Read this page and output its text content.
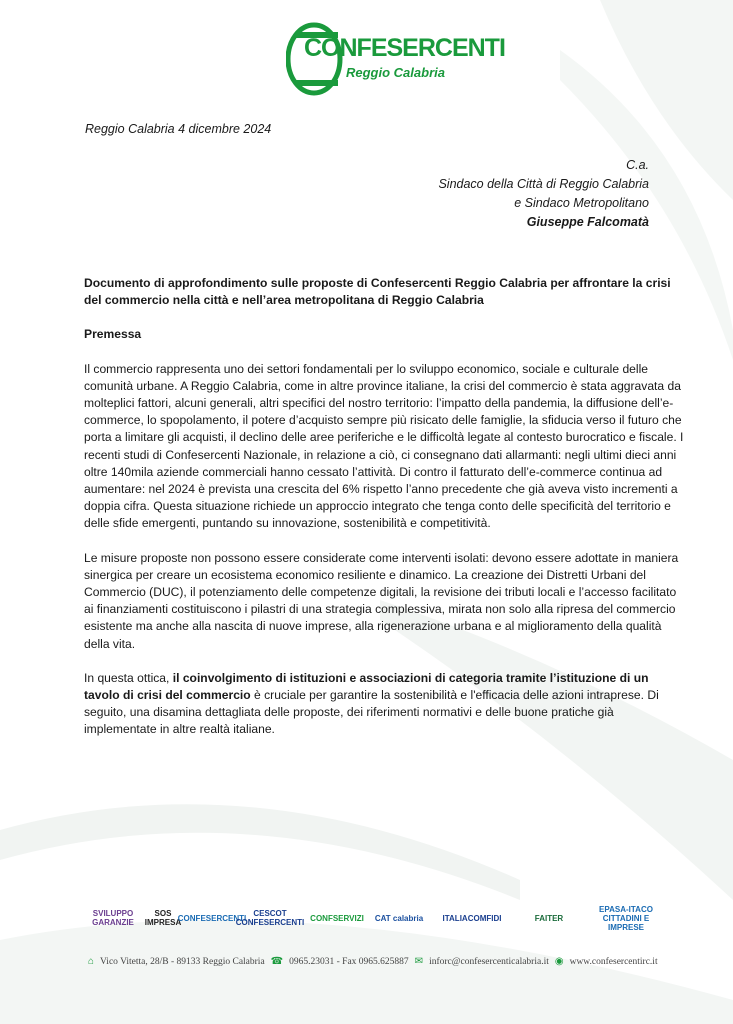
CONFESERCENTI
Reggio Calabria
Reggio Calabria 4 dicembre 2024
C.a.
Sindaco della Città di Reggio Calabria
e Sindaco Metropolitano
Giuseppe Falcomatà

Documento di approfondimento sulle proposte di Confesercenti Reggio Calabria per affrontare la crisi del commercio nella città e nell’area metropolitana di Reggio Calabria

Premessa

Il commercio rappresenta uno dei settori fondamentali per lo sviluppo economico, sociale e culturale delle comunità urbane. A Reggio Calabria, come in altre province italiane, la crisi del commercio è stata aggravata da molteplici fattori, alcuni generali, altri specifici del nostro territorio: l’impatto della pandemia, la diffusione dell’e-commerce, lo spopolamento, il potere d’acquisto sempre più risicato delle famiglie, la sfiducia verso il futuro che porta a limitare gli acquisti, il declino delle aree periferiche e le difficoltà legate al contesto burocratico e fiscale. I recenti studi di Confesercenti Nazionale, in relazione a ciò, ci consegnano dati allarmanti: negli ultimi dieci anni oltre 140mila aziende commerciali hanno cessato l’attività. Di contro il fatturato dell’e-commerce continua ad aumentare: nel 2024 è prevista una crescita del 6% rispetto l’anno precedente che già aveva visto incrementi a doppia cifra. Questa situazione richiede un approccio integrato che tenga conto delle specificità del territorio e delle sfide emergenti, puntando su innovazione, sostenibilità e competitività.

Le misure proposte non possono essere considerate come interventi isolati: devono essere adottate in maniera sinergica per creare un ecosistema economico resiliente e dinamico. La creazione dei Distretti Urbani del Commercio (DUC), il potenziamento delle competenze digitali, la revisione dei tributi locali e l’accesso facilitato ai finanziamenti costituiscono i pilastri di una strategia complessiva, mirata non solo alla ripresa del commercio esistente ma anche alla nascita di nuove imprese, alla rigenerazione urbana e al miglioramento della qualità della vita.

In questa ottica, il coinvolgimento di istituzioni e associazioni di categoria tramite l’istituzione di un tavolo di crisi del commercio è cruciale per garantire la sostenibilità e l'efficacia delle azioni intraprese. Di seguito, una disamina dettagliata delle proposte, dei riferimenti normativi e delle buone pratiche già implementate in altre realtà italiane.

SVILUPPO GARANZIE
SOS IMPRESA
CONFESERCENTI CESCOT CONFESERCENTI CONFSERVIZI CAT calabria ITALIACOMFIDI	FAITER
EPASA-ITACO CITTADINI E IMPRESE
⌂ Vico Vitetta, 28/B - 89133 Reggio Calabria ☎ 0965.23031 - Fax 0965.625887 ✉ inforc@confesercenticalabria.it ◉ www.confesercentirc.it
